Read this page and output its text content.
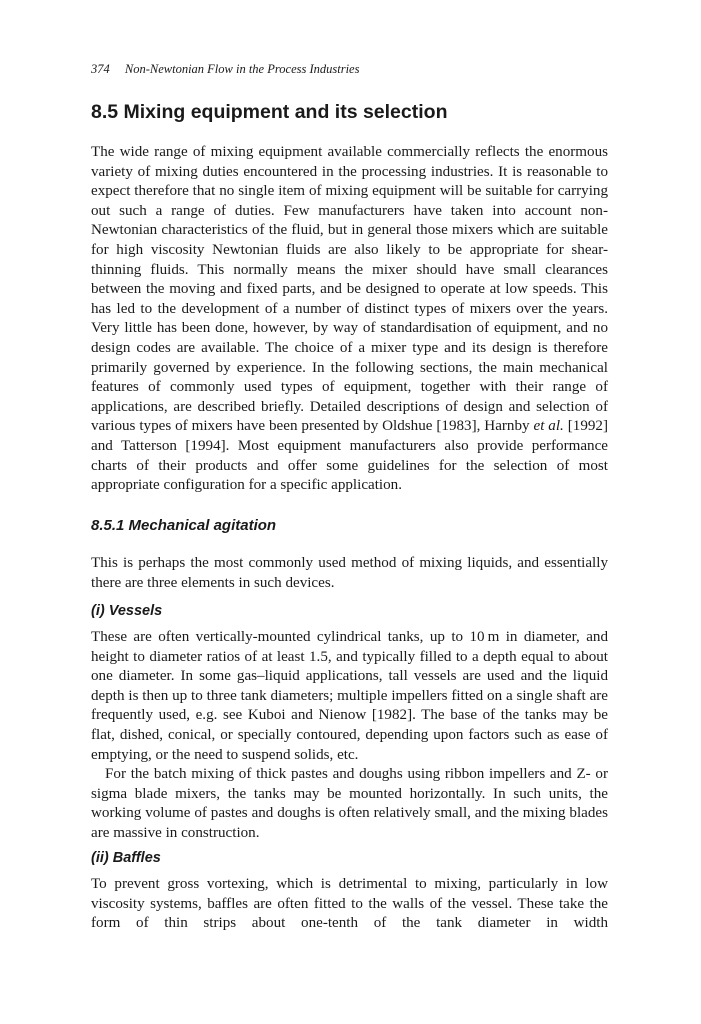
374 Non-Newtonian Flow in the Process Industries
8.5 Mixing equipment and its selection

The wide range of mixing equipment available commercially reflects the enormous variety of mixing duties encountered in the processing industries. It is reasonable to expect therefore that no single item of mixing equipment will be suitable for carrying out such a range of duties. Few manufacturers have taken into account non-Newtonian characteristics of the fluid, but in general those mixers which are suitable for high viscosity Newtonian fluids are also likely to be appropriate for shear-thinning fluids. This normally means the mixer should have small clearances between the moving and fixed parts, and be designed to operate at low speeds. This has led to the development of a number of distinct types of mixers over the years. Very little has been done, however, by way of standardisation of equipment, and no design codes are available. The choice of a mixer type and its design is therefore primarily governed by experience. In the following sections, the main mechanical features of commonly used types of equipment, together with their range of applications, are described briefly. Detailed descriptions of design and selection of various types of mixers have been presented by Oldshue [1983], Harnby et al. [1992] and Tatterson [1994]. Most equipment manufacturers also provide performance charts of their products and offer some guidelines for the selection of most appropriate configuration for a specific application.

8.5.1 Mechanical agitation

This is perhaps the most commonly used method of mixing liquids, and essentially there are three elements in such devices.

(i) Vessels

These are often vertically-mounted cylindrical tanks, up to 10 m in diameter, and height to diameter ratios of at least 1.5, and typically filled to a depth equal to about one diameter. In some gas–liquid applications, tall vessels are used and the liquid depth is then up to three tank diameters; multiple impellers fitted on a single shaft are frequently used, e.g. see Kuboi and Nienow [1982]. The base of the tanks may be flat, dished, conical, or specially contoured, depending upon factors such as ease of emptying, or the need to suspend solids, etc.

For the batch mixing of thick pastes and doughs using ribbon impellers and Z- or sigma blade mixers, the tanks may be mounted horizontally. In such units, the working volume of pastes and doughs is often relatively small, and the mixing blades are massive in construction.

(ii) Baffles

To prevent gross vortexing, which is detrimental to mixing, particularly in low viscosity systems, baffles are often fitted to the walls of the vessel. These take the form of thin strips about one-tenth of the tank diameter in width
